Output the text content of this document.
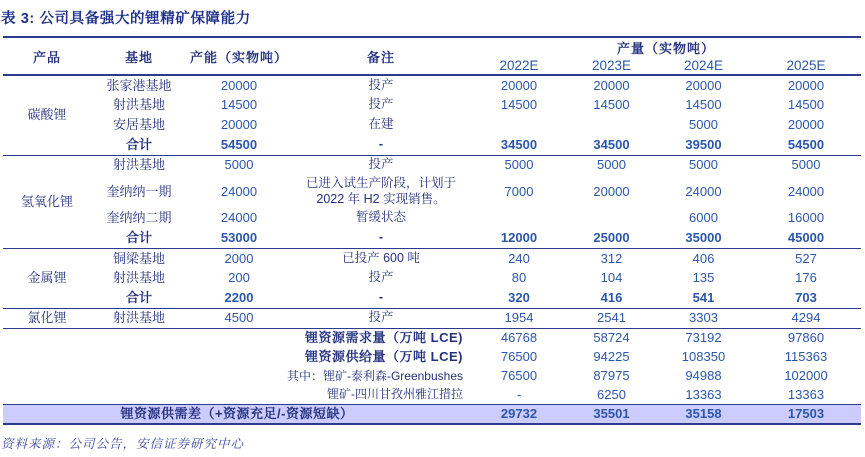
表 3: 公司具备强大的锂精矿保障能力
产品	基地	产能（实物吨）	备注	产量（实物吨）			
				2022E	2023E	2024E	2025E
碳酸锂	张家港基地	20000	投产	20000	20000	20000	20000
	射洪基地	14500	投产	14500	14500	14500	14500
	安居基地	20000	在建			5000	20000
	合计	54500	-	34500	34500	39500	54500
氢氧化锂	射洪基地	5000	投产	5000	5000	5000	5000
	奎纳纳一期	24000	已进入试生产阶段，计划于 2022 年 H2 实现销售。	7000	20000	24000	24000
	奎纳纳二期	24000	暂缓状态			6000	16000
	合计	53000	-	12000	25000	35000	45000
金属锂	铜梁基地	2000	已投产 600 吨	240	312	406	527
	射洪基地	200	投产	80	104	135	176
	合计	2200	-	320	416	541	703
氯化锂	射洪基地	4500	投产	1954	2541	3303	4294
锂资源需求量（万吨 LCE)				46768	58724	73192	97860
锂资源供给量（万吨 LCE)				76500	94225	108350	115363
其中：锂矿-泰利森-Greenbushes				76500	87975	94988	102000
锂矿-四川甘孜州雅江措拉				-	6250	13363	13363
锂资源供需差（+资源充足/-资源短缺）				29732	35501	35158	17503
资料来源：公司公告，安信证券研究中心
